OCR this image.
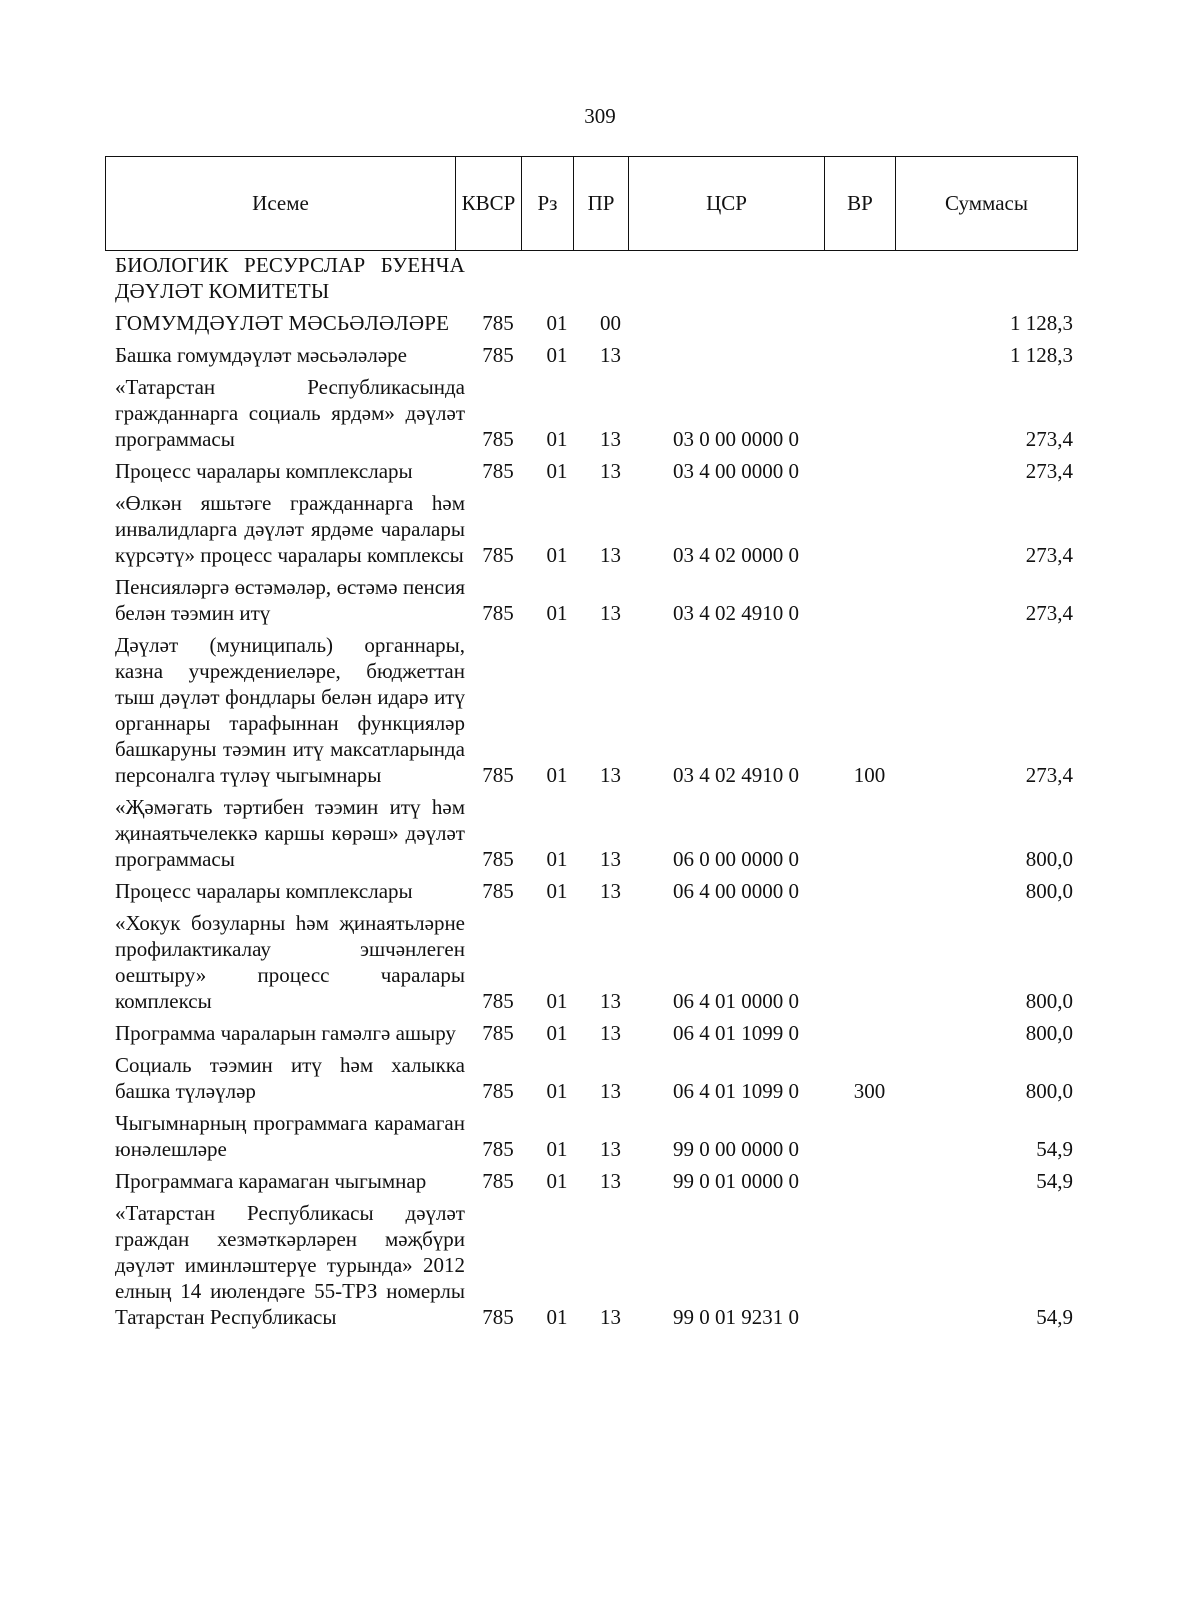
309
Исеме	КВСР	Рз	ПР	ЦСР	ВР	Суммасы
БИОЛОГИК РЕСУРСЛАР БУЕНЧА ДӘҮЛӘТ КОМИТЕТЫ						
ГОМУМДӘҮЛӘТ МӘСЬӘЛӘЛӘРЕ	785	01	00			1 128,3
Башка гомумдәүләт мәсьәләләре	785	01	13			1 128,3
«Татарстан Республикасында гражданнарга социаль ярдәм» дәүләт программасы	785	01	13	03 0 00 0000 0		273,4
Процесс чаралары комплекслары	785	01	13	03 4 00 0000 0		273,4
«Өлкән яшьтәге гражданнарга һәм инвалидларга дәүләт ярдәме чаралары күрсәтү» процесс чаралары комплексы	785	01	13	03 4 02 0000 0		273,4
Пенсияләргә өстәмәләр, өстәмә пенсия белән тәэмин итү	785	01	13	03 4 02 4910 0		273,4
Дәүләт (муниципаль) органнары, казна учреждениеләре, бюджеттан тыш дәүләт фондлары белән идарә итү органнары тарафыннан функцияләр башкаруны тәэмин итү максатларында персоналга түләү чыгымнары	785	01	13	03 4 02 4910 0	100	273,4
«Җәмәгать тәртибен тәэмин итү һәм җинаятьчелеккә каршы көрәш» дәүләт программасы	785	01	13	06 0 00 0000 0		800,0
Процесс чаралары комплекслары	785	01	13	06 4 00 0000 0		800,0
«Хокук бозуларны һәм җинаятьләрне профилактикалау эшчәнлеген оештыру» процесс чаралары комплексы	785	01	13	06 4 01 0000 0		800,0
Программа чараларын гамәлгә ашыру	785	01	13	06 4 01 1099 0		800,0
Социаль тәэмин итү һәм халыкка башка түләүләр	785	01	13	06 4 01 1099 0	300	800,0
Чыгымнарның программага карамаган юнәлешләре	785	01	13	99 0 00 0000 0		54,9
Программага карамаган чыгымнар	785	01	13	99 0 01 0000 0		54,9
«Татарстан Республикасы дәүләт граждан хезмәткәрләрен мәҗбүри дәүләт иминләштерүе турында» 2012 елның 14 июлендәге 55-ТРЗ номерлы Татарстан Республикасы	785	01	13	99 0 01 9231 0		54,9
